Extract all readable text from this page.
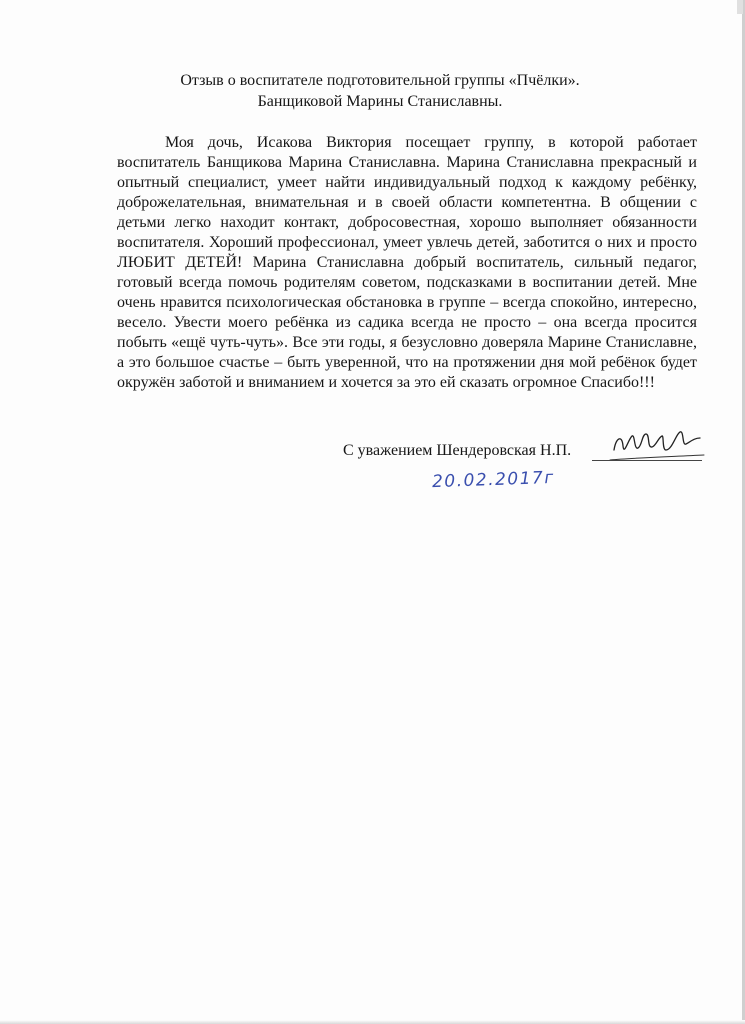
Отзыв о воспитателе подготовительной группы «Пчёлки».
Банщиковой Марины Станиславны.

Моя дочь, Исакова Виктория посещает группу, в которой работает воспитатель Банщикова Марина Станиславна. Марина Станиславна прекрасный и опытный специалист, умеет найти индивидуальный подход к каждому ребёнку, доброжелательная, внимательная и в своей области компетентна. В общении с детьми легко находит контакт, добросовестная, хорошо выполняет обязанности воспитателя. Хороший профессионал, умеет увлечь детей, заботится о них и просто ЛЮБИТ ДЕТЕЙ! Марина Станиславна добрый воспитатель, сильный педагог, готовый всегда помочь родителям советом, подсказками в воспитании детей. Мне очень нравится психологическая обстановка в группе – всегда спокойно, интересно, весело. Увести моего ребёнка из садика всегда не просто – она всегда просится побыть «ещё чуть-чуть». Все эти годы, я безусловно доверяла Марине Станиславне, а это большое счастье – быть уверенной, что на протяжении дня мой ребёнок будет окружён заботой и вниманием и хочется за это ей сказать огромное Спасибо!!!

С уважением Шендеровская Н.П.
20.02.2017г
